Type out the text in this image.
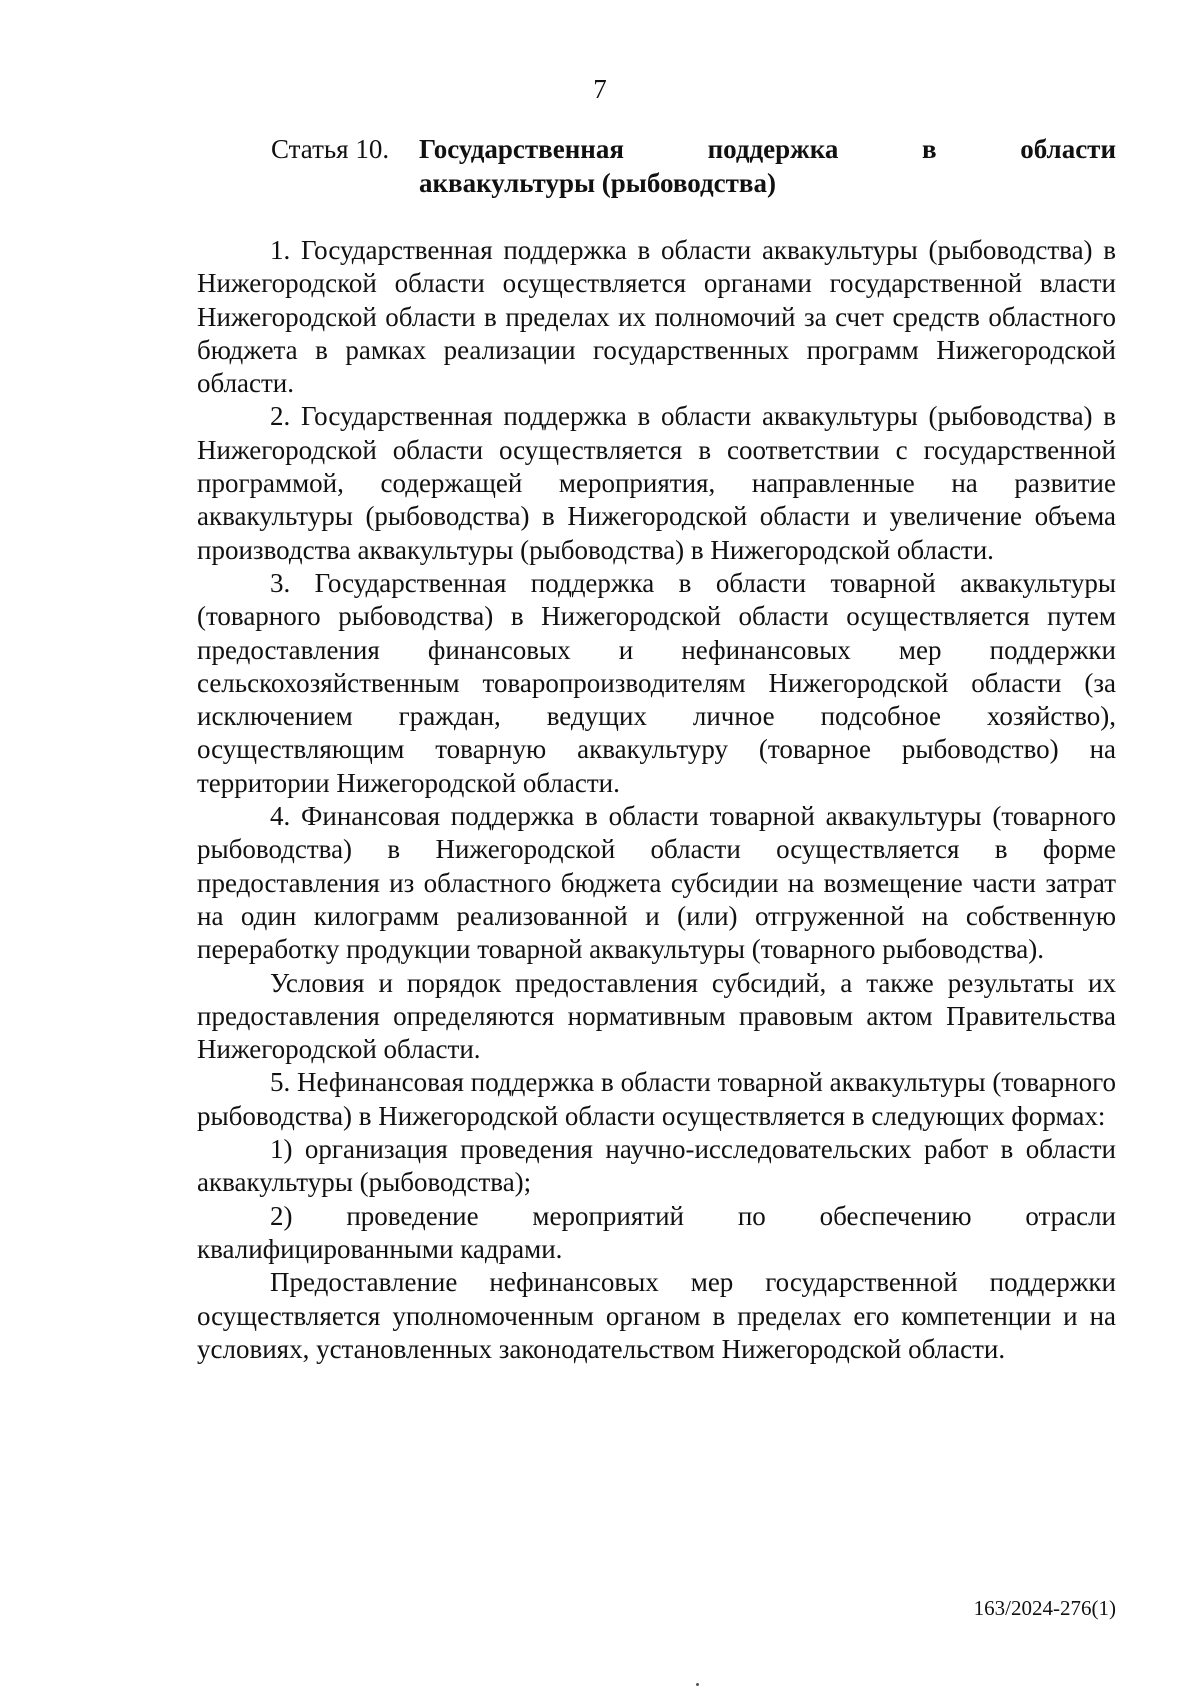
7
Статья 10.	Государственная поддержка в области
аквакультуры (рыбоводства)

1. Государственная поддержка в области аквакультуры (рыбоводства) в Нижегородской области осуществляется органами государственной власти Нижегородской области в пределах их полномочий за счет средств областного бюджета в рамках реализации государственных программ Нижегородской области.

2. Государственная поддержка в области аквакультуры (рыбоводства) в Нижегородской области осуществляется в соответствии с государственной программой, содержащей мероприятия, направленные на развитие аквакультуры (рыбоводства) в Нижегородской области и увеличение объема производства аквакультуры (рыбоводства) в Нижегородской области.

3. Государственная поддержка в области товарной аквакультуры (товарного рыбоводства) в Нижегородской области осуществляется путем предоставления финансовых и нефинансовых мер поддержки сельскохозяйственным товаропроизводителям Нижегородской области (за исключением граждан, ведущих личное подсобное хозяйство), осуществляющим товарную аквакультуру (товарное рыбоводство) на территории Нижегородской области.

4. Финансовая поддержка в области товарной аквакультуры (товарного рыбоводства) в Нижегородской области осуществляется в форме предоставления из областного бюджета субсидии на возмещение части затрат на один килограмм реализованной и (или) отгруженной на собственную переработку продукции товарной аквакультуры (товарного рыбоводства).

Условия и порядок предоставления субсидий, а также результаты их предоставления определяются нормативным правовым актом Правительства Нижегородской области.

5. Нефинансовая поддержка в области товарной аквакультуры (товарного рыбоводства) в Нижегородской области осуществляется в следующих формах:

1) организация проведения научно-исследовательских работ в области аквакультуры (рыбоводства);

2) проведение мероприятий по обеспечению отрасли квалифицированными кадрами.

Предоставление нефинансовых мер государственной поддержки осуществляется уполномоченным органом в пределах его компетенции и на условиях, установленных законодательством Нижегородской области.

163/2024-276(1)
